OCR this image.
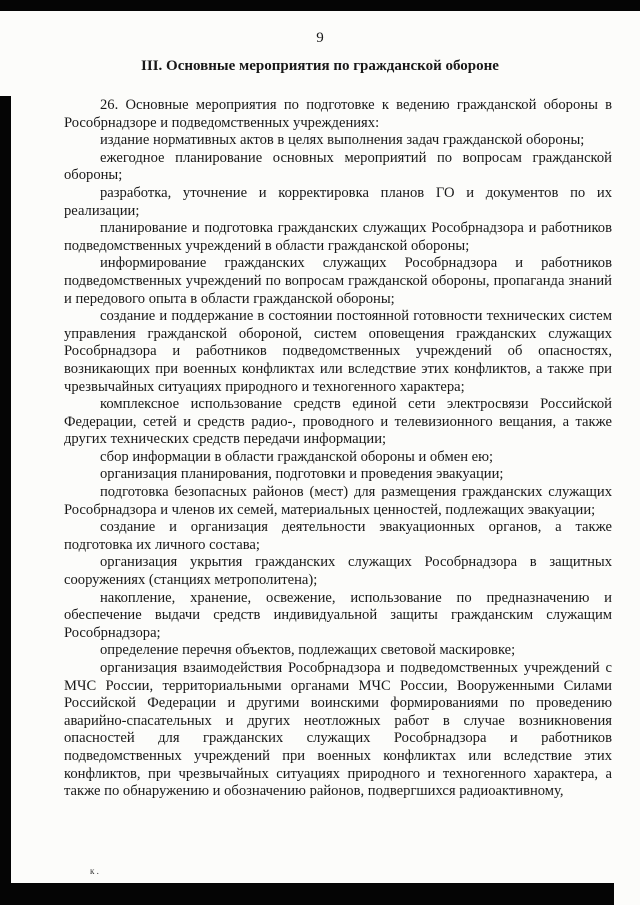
9
III. Основные мероприятия по гражданской обороне

26. Основные мероприятия по подготовке к ведению гражданской обороны в Рособрнадзоре и подведомственных учреждениях:

издание нормативных актов в целях выполнения задач гражданской обороны;

ежегодное планирование основных мероприятий по вопросам гражданской обороны;

разработка, уточнение и корректировка планов ГО и документов по их реализации;

планирование и подготовка гражданских служащих Рособрнадзора и работников подведомственных учреждений в области гражданской обороны;

информирование гражданских служащих Рособрнадзора и работников подведомственных учреждений по вопросам гражданской обороны, пропаганда знаний и передового опыта в области гражданской обороны;

создание и поддержание в состоянии постоянной готовности технических систем управления гражданской обороной, систем оповещения гражданских служащих Рособрнадзора и работников подведомственных учреждений об опасностях, возникающих при военных конфликтах или вследствие этих конфликтов, а также при чрезвычайных ситуациях природного и техногенного характера;

комплексное использование средств единой сети электросвязи Российской Федерации, сетей и средств радио-, проводного и телевизионного вещания, а также других технических средств передачи информации;

сбор информации в области гражданской обороны и обмен ею;

организация планирования, подготовки и проведения эвакуации;

подготовка безопасных районов (мест) для размещения гражданских служащих Рособрнадзора и членов их семей, материальных ценностей, подлежащих эвакуации;

создание и организация деятельности эвакуационных органов, а также подготовка их личного состава;

организация укрытия гражданских служащих Рособрнадзора в защитных сооружениях (станциях метрополитена);

накопление, хранение, освежение, использование по предназначению и обеспечение выдачи средств индивидуальной защиты гражданским служащим Рособрнадзора;

определение перечня объектов, подлежащих световой маскировке;

организация взаимодействия Рособрнадзора и подведомственных учреждений с МЧС России, территориальными органами МЧС России, Вооруженными Силами Российской Федерации и другими воинскими формированиями по проведению аварийно-спасательных и других неотложных работ в случае возникновения опасностей для гражданских служащих Рособрнадзора и работников подведомственных учреждений при военных конфликтах или вследствие этих конфликтов, при чрезвычайных ситуациях природного и техногенного характера, а также по обнаружению и обозначению районов, подвергшихся радиоактивному,

к .
